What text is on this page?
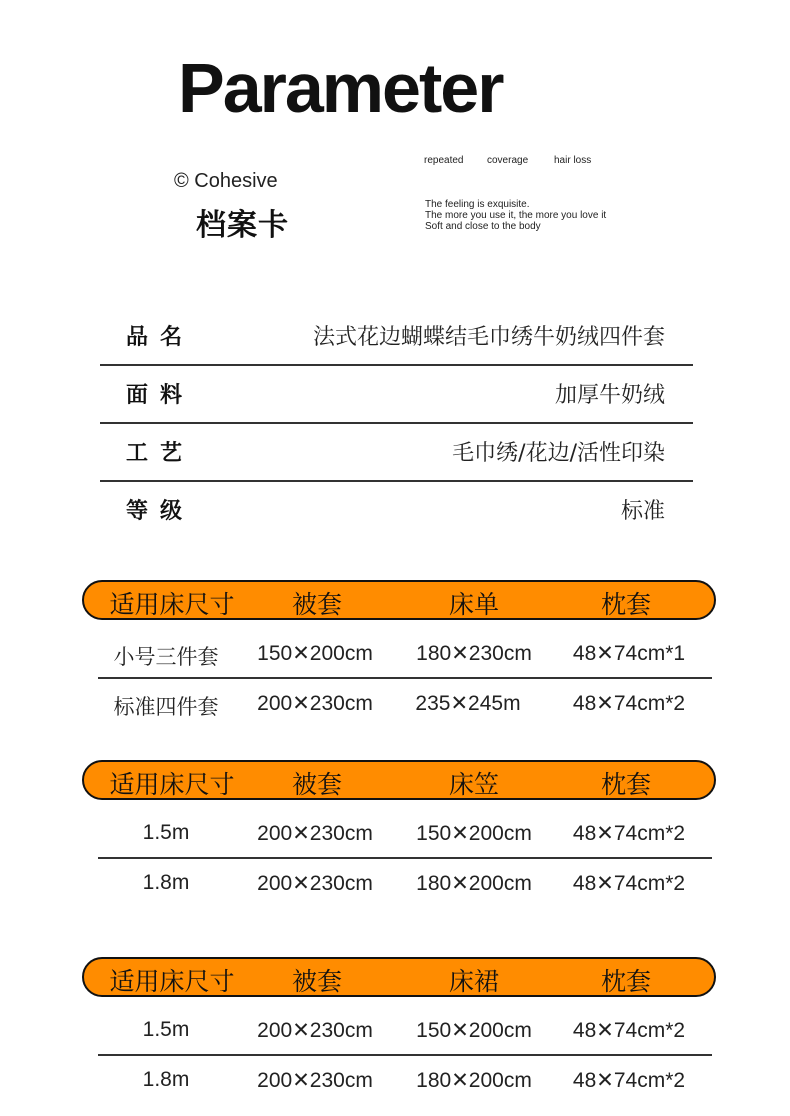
Parameter
© Cohesive
档案卡
repeated coverage	hair loss
The feeling is exquisite.
The more you use it, the more you love it
Soft and close to the body
品名	法式花边蝴蝶结毛巾绣牛奶绒四件套
面料	加厚牛奶绒
工艺	毛巾绣/花边/活性印染
等级	标准
适用床尺寸 被套	床单	枕套
小号三件套 150✕200cm 180✕230cm 48✕74cm*1
标准四件套 200✕230cm 235✕245m 48✕74cm*2
适用床尺寸 被套	床笠	枕套
1.5m	200✕230cm 150✕200cm 48✕74cm*2
1.8m	200✕230cm 180✕200cm 48✕74cm*2
适用床尺寸 被套	床裙	枕套
1.5m	200✕230cm 150✕200cm 48✕74cm*2
1.8m	200✕230cm 180✕200cm 48✕74cm*2
